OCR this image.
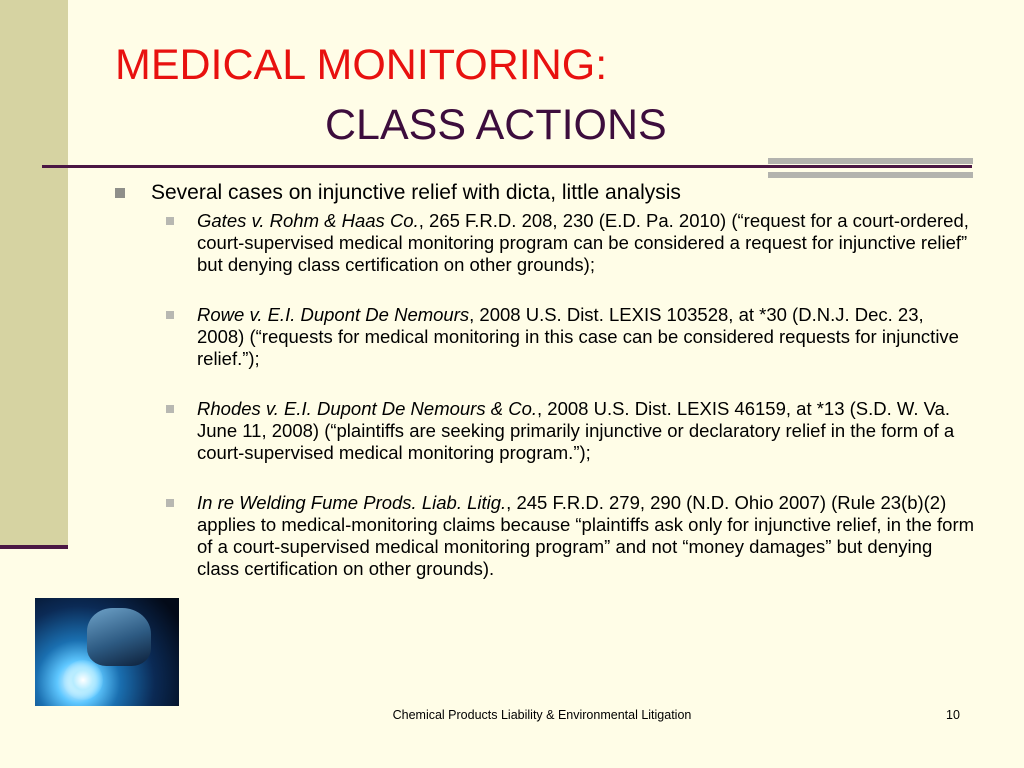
MEDICAL MONITORING:
CLASS ACTIONS
Several cases on injunctive relief with dicta, little analysis
Gates v. Rohm & Haas Co., 265 F.R.D. 208, 230 (E.D. Pa. 2010) (“request for a court-ordered, court-supervised medical monitoring program can be considered a request for injunctive relief” but denying class certification on other grounds);
Rowe v. E.I. Dupont De Nemours, 2008 U.S. Dist. LEXIS 103528, at *30 (D.N.J. Dec. 23, 2008) (“requests for medical monitoring in this case can be considered requests for injunctive relief.”);
Rhodes v. E.I. Dupont De Nemours & Co., 2008 U.S. Dist. LEXIS 46159, at *13 (S.D. W. Va. June 11, 2008) (“plaintiffs are seeking primarily injunctive or declaratory relief in the form of a court-supervised medical monitoring program.”);
In re Welding Fume Prods. Liab. Litig., 245 F.R.D. 279, 290 (N.D. Ohio 2007) (Rule 23(b)(2) applies to medical-monitoring claims because “plaintiffs ask only for injunctive relief, in the form of a court-supervised medical monitoring program” and not “money damages” but denying class certification on other grounds).
Chemical Products Liability & Environmental Litigation	10
